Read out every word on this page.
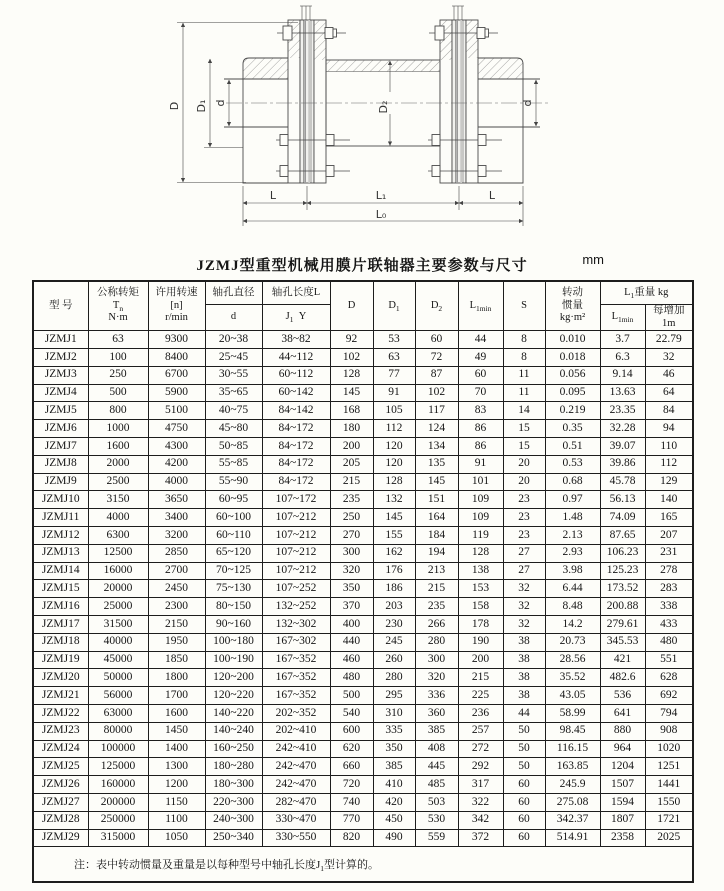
D D₁ d	D₂	d
L	L₁	L
L₀
JZMJ型重型机械用膜片联轴器主要参数与尺寸	mm
型 号	公称转矩
$T_n$
N·m	许用转速
[n]
r/min	轴孔直径	轴孔长度L	D	$D_1$	$D_2$	$L_{1min}$	S	转动
惯量
kg·m²	$L_1$重量 kg	
			d	$J_1$ Y							$L_{1min}$	每增加1m
JZMJ1	63	9300	20~38	38~82	92	53	60	44	8	0.010	3.7	22.79
JZMJ2	100	8400	25~45	44~112	102	63	72	49	8	0.018	6.3	32
JZMJ3	250	6700	30~55	60~112	128	77	87	60	11	0.056	9.14	46
JZMJ4	500	5900	35~65	60~142	145	91	102	70	11	0.095	13.63	64
JZMJ5	800	5100	40~75	84~142	168	105	117	83	14	0.219	23.35	84
JZMJ6	1000	4750	45~80	84~172	180	112	124	86	15	0.35	32.28	94
JZMJ7	1600	4300	50~85	84~172	200	120	134	86	15	0.51	39.07	110
JZMJ8	2000	4200	55~85	84~172	205	120	135	91	20	0.53	39.86	112
JZMJ9	2500	4000	55~90	84~172	215	128	145	101	20	0.68	45.78	129
JZMJ10	3150	3650	60~95	107~172	235	132	151	109	23	0.97	56.13	140
JZMJ11	4000	3400	60~100	107~212	250	145	164	109	23	1.48	74.09	165
JZMJ12	6300	3200	60~110	107~212	270	155	184	119	23	2.13	87.65	207
JZMJ13	12500	2850	65~120	107~212	300	162	194	128	27	2.93	106.23	231
JZMJ14	16000	2700	70~125	107~212	320	176	213	138	27	3.98	125.23	278
JZMJ15	20000	2450	75~130	107~252	350	186	215	153	32	6.44	173.52	283
JZMJ16	25000	2300	80~150	132~252	370	203	235	158	32	8.48	200.88	338
JZMJ17	31500	2150	90~160	132~302	400	230	266	178	32	14.2	279.61	433
JZMJ18	40000	1950	100~180	167~302	440	245	280	190	38	20.73	345.53	480
JZMJ19	45000	1850	100~190	167~352	460	260	300	200	38	28.56	421	551
JZMJ20	50000	1800	120~200	167~352	480	280	320	215	38	35.52	482.6	628
JZMJ21	56000	1700	120~220	167~352	500	295	336	225	38	43.05	536	692
JZMJ22	63000	1600	140~220	202~352	540	310	360	236	44	58.99	641	794
JZMJ23	80000	1450	140~240	202~410	600	335	385	257	50	98.45	880	908
JZMJ24	100000	1400	160~250	242~410	620	350	408	272	50	116.15	964	1020
JZMJ25	125000	1300	180~280	242~470	660	385	445	292	50	163.85	1204	1251
JZMJ26	160000	1200	180~300	242~470	720	410	485	317	60	245.9	1507	1441
JZMJ27	200000	1150	220~300	282~470	740	420	503	322	60	275.08	1594	1550
JZMJ28	250000	1100	240~300	330~470	770	450	530	342	60	342.37	1807	1721
JZMJ29	315000	1050	250~340	330~550	820	490	559	372	60	514.91	2358	2025
注：表中转动惯量及重量是以每种型号中轴孔长度$J_1$型计算的。												
